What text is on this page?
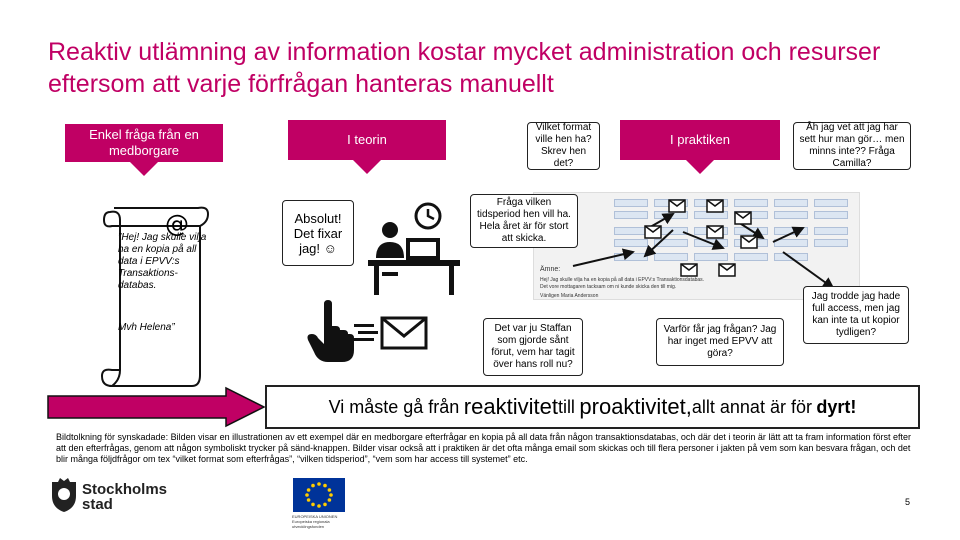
Reaktiv utlämning av information kostar mycket administration och resurser eftersom att varje förfrågan hanteras manuellt
Enkel fråga från en medborgare
I teorin	I praktiken
@
”Hej! Jag skulle vilja ha en kopia på all data i EPVV:s Transaktions-databas.
Mvh Helena”
Absolut! Det fixar jag! ☺
Vilket format ville hen ha? Skrev hen det?
Åh jag vet att jag har sett hur man gör… men minns inte?? Fråga Camilla?
Ämne:
Hej! Jag skulle vilja ha en kopia på all data i EPVV:s Transaktionsdatabas.
Det vore mottagaren tacksam om ni kunde skicka den till mig.
Vänligen Maria Andersson
Fråga vilken tidsperiod hen vill ha. Hela året är för stort att skicka.
Det var ju Staffan som gjorde sånt förut, vem har tagit över hans roll nu?
Varför får jag frågan? Jag har inget med EPVV att göra?
Jag trodde jag hade full access, men jag kan inte ta ut kopior tydligen?
Vi måste gå från
reaktivitet till
proaktivitet, allt annat är för
dyrt!
Bildtolkning för synskadade: Bilden visar en illustrationen av ett exempel där en medborgare efterfrågar en kopia på all data från någon transaktionsdatabas, och där det i teorin är lätt att ta fram information först efter att den efterfrågas, genom att någon symboliskt trycker på sänd-knappen. Bilder visar också att i praktiken är det ofta många email som skickas och till flera personer i jakten på vem som kan besvara frågan, och det blir många följdfrågor om tex “vilket format som efterfrågas”, “vilken tidsperiod”, “vem som har access till systemet” etc.
Stockholms stad
EUROPEISKA UNIONEN Europeiska regionala utvecklingsfonden
5
